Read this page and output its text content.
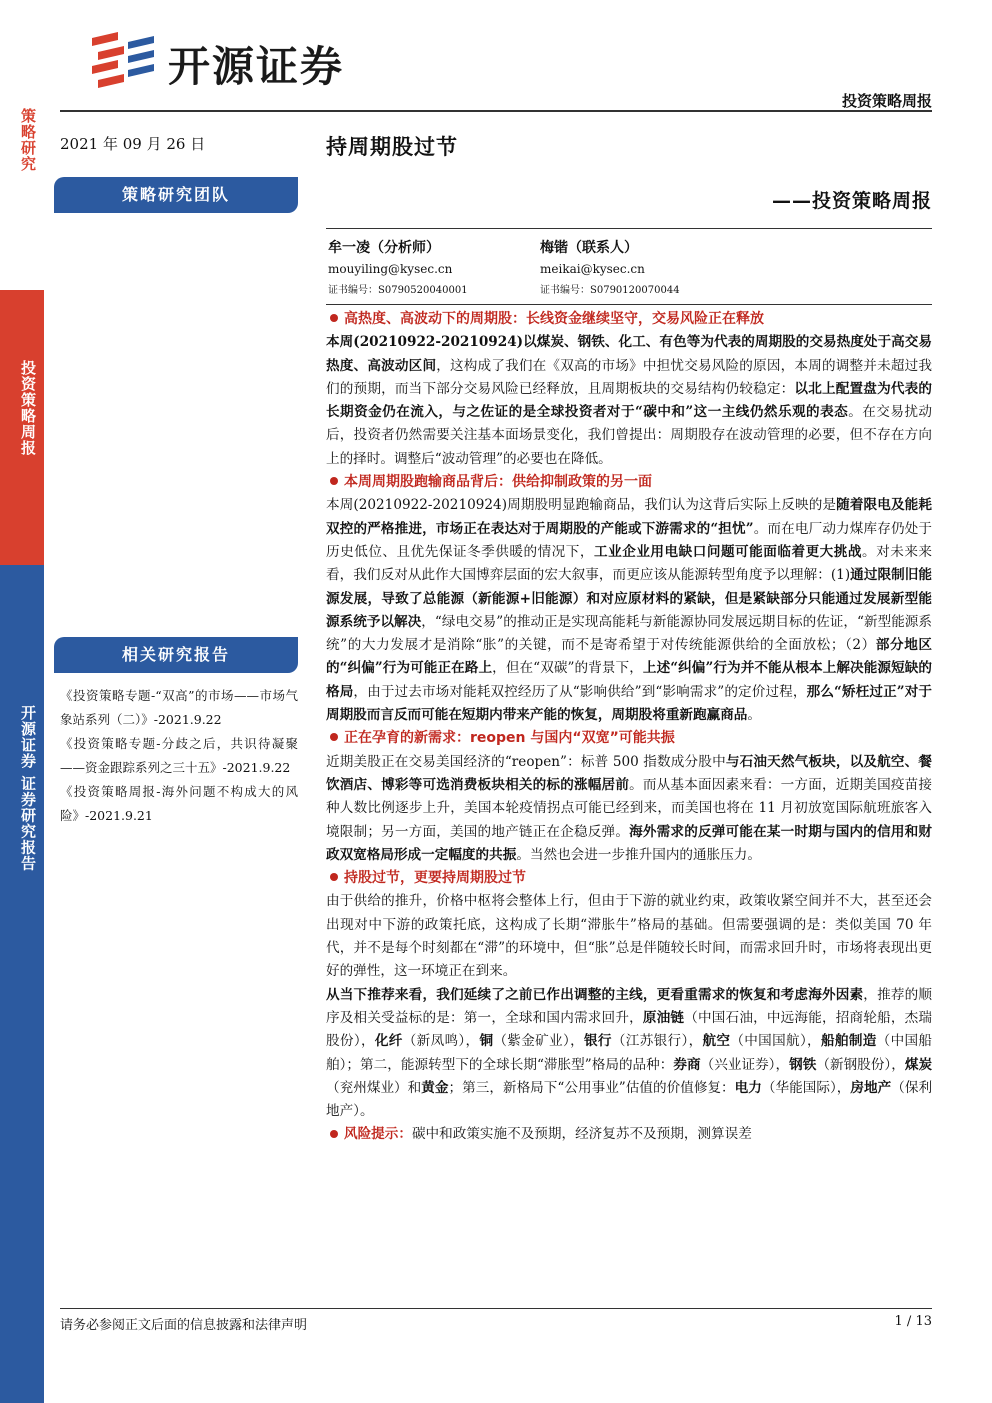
策略研究
投资策略周报
开源证券 证券研究报告
开源证券
投资策略周报
2021 年 09 月 26 日
策略研究团队
相关研究报告

《投资策略专题-“双高”的市场——市场气象站系列（二）》-2021.9.22

《投资策略专题-分歧之后，共识待凝聚——资金跟踪系列之三十五》-2021.9.22

《投资策略周报-海外问题不构成大的风险》-2021.9.21

持周期股过节
——投资策略周报
牟一凌（分析师）
mouyiling@kysec.cn
证书编号：S0790520040001
梅锴（联系人）
meikai@kysec.cn
证书编号：S0790120070044
高热度、高波动下的周期股：长线资金继续坚守，交易风险正在释放

本周(20210922-20210924)以煤炭、钢铁、化工、有色等为代表的周期股的交易热度处于高交易热度、高波动区间，这构成了我们在《双高的市场》中担忧交易风险的原因，本周的调整并未超过我们的预期，而当下部分交易风险已经释放，且周期板块的交易结构仍较稳定：以北上配置盘为代表的长期资金仍在流入，与之佐证的是全球投资者对于“碳中和”这一主线仍然乐观的表态。在交易扰动后，投资者仍然需要关注基本面场景变化，我们曾提出：周期股存在波动管理的必要，但不存在方向上的择时。调整后“波动管理”的必要也在降低。

本周周期股跑输商品背后：供给抑制政策的另一面

本周(20210922-20210924)周期股明显跑输商品，我们认为这背后实际上反映的是随着限电及能耗双控的严格推进，市场正在表达对于周期股的产能或下游需求的“担忧”。而在电厂动力煤库存仍处于历史低位、且优先保证冬季供暖的情况下，工业企业用电缺口问题可能面临着更大挑战。对未来来看，我们反对从此作大国博弈层面的宏大叙事，而更应该从能源转型角度予以理解：(1)通过限制旧能源发展，导致了总能源（新能源+旧能源）和对应原材料的紧缺，但是紧缺部分只能通过发展新型能源系统予以解决，“绿电交易”的推动正是实现高能耗与新能源协同发展远期目标的佐证，“新型能源系统”的大力发展才是消除“胀”的关键，而不是寄希望于对传统能源供给的全面放松；（2）部分地区的“纠偏”行为可能正在路上，但在“双碳”的背景下，上述“纠偏”行为并不能从根本上解决能源短缺的格局，由于过去市场对能耗双控经历了从“影响供给”到“影响需求”的定价过程，那么“矫枉过正”对于周期股而言反而可能在短期内带来产能的恢复，周期股将重新跑赢商品。

正在孕育的新需求：reopen 与国内“双宽”可能共振

近期美股正在交易美国经济的“reopen”：标普 500 指数成分股中与石油天然气板块，以及航空、餐饮酒店、博彩等可选消费板块相关的标的涨幅居前。而从基本面因素来看：一方面，近期美国疫苗接种人数比例逐步上升，美国本轮疫情拐点可能已经到来，而美国也将在 11 月初放宽国际航班旅客入境限制；另一方面，美国的地产链正在企稳反弹。海外需求的反弹可能在某一时期与国内的信用和财政双宽格局形成一定幅度的共振。当然也会进一步推升国内的通胀压力。

持股过节，更要持周期股过节

由于供给的推升，价格中枢将会整体上行，但由于下游的就业约束，政策收紧空间并不大，甚至还会出现对中下游的政策托底，这构成了长期“滞胀牛”格局的基础。但需要强调的是：类似美国 70 年代，并不是每个时刻都在“滞”的环境中，但“胀”总是伴随较长时间，而需求回升时，市场将表现出更好的弹性，这一环境正在到来。

从当下推荐来看，我们延续了之前已作出调整的主线，更看重需求的恢复和考虑海外因素，推荐的顺序及相关受益标的是：第一，全球和国内需求回升，原油链（中国石油，中远海能，招商轮船，杰瑞股份），化纤（新凤鸣），铜（紫金矿业），银行（江苏银行），航空（中国国航），船舶制造（中国船舶）；第二，能源转型下的全球长期“滞胀型”格局的品种：券商（兴业证券），钢铁（新钢股份），煤炭（兖州煤业）和黄金；第三，新格局下“公用事业”估值的价值修复：电力（华能国际），房地产（保利地产）。

风险提示：碳中和政策实施不及预期，经济复苏不及预期，测算误差

请务必参阅正文后面的信息披露和法律声明	1 / 13
